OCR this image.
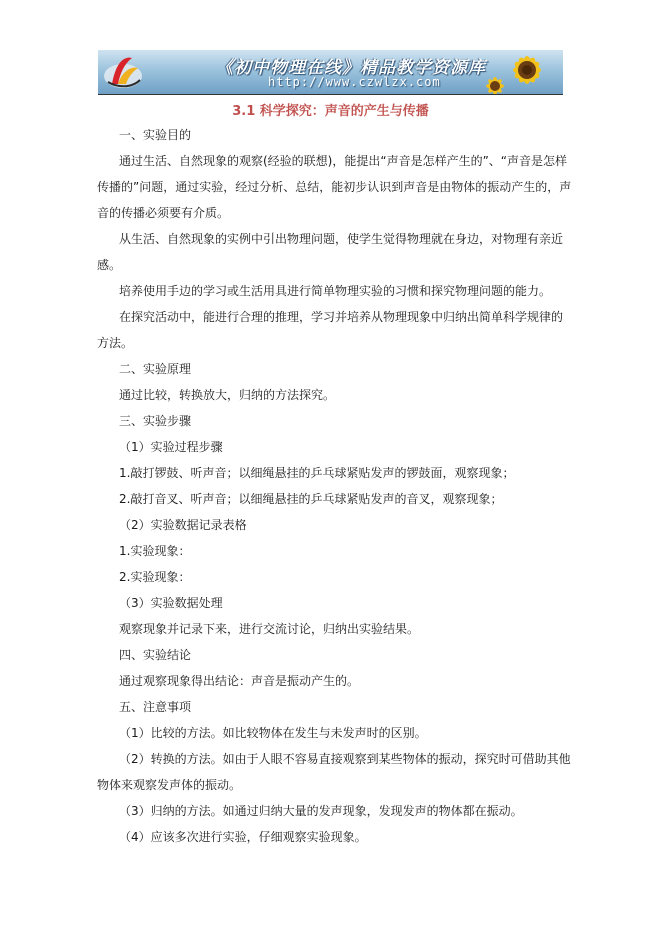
《初中物理在线》精品教学资源库
http://www.czwlzx.com
3.1 科学探究：声音的产生与传播
一、实验目的
通过生活、自然现象的观察(经验的联想)，能提出“声音是怎样产生的”、“声音是怎样
传播的”问题，通过实验，经过分析、总结，能初步认识到声音是由物体的振动产生的，声
音的传播必须要有介质。
从生活、自然现象的实例中引出物理问题，使学生觉得物理就在身边，对物理有亲近
感。
培养使用手边的学习或生活用具进行简单物理实验的习惯和探究物理问题的能力。
在探究活动中，能进行合理的推理，学习并培养从物理现象中归纳出简单科学规律的
方法。
二、实验原理
通过比较，转换放大，归纳的方法探究。
三、实验步骤
（1）实验过程步骤
1.敲打锣鼓、听声音；以细绳悬挂的乒乓球紧贴发声的锣鼓面，观察现象；
2.敲打音叉、听声音；以细绳悬挂的乒乓球紧贴发声的音叉，观察现象；
（2）实验数据记录表格
1.实验现象：
2.实验现象：
（3）实验数据处理
观察现象并记录下来，进行交流讨论，归纳出实验结果。
四、实验结论
通过观察现象得出结论：声音是振动产生的。
五、注意事项
（1）比较的方法。如比较物体在发生与未发声时的区别。
（2）转换的方法。如由于人眼不容易直接观察到某些物体的振动，探究时可借助其他
物体来观察发声体的振动。
（3）归纳的方法。如通过归纳大量的发声现象，发现发声的物体都在振动。
（4）应该多次进行实验，仔细观察实验现象。
